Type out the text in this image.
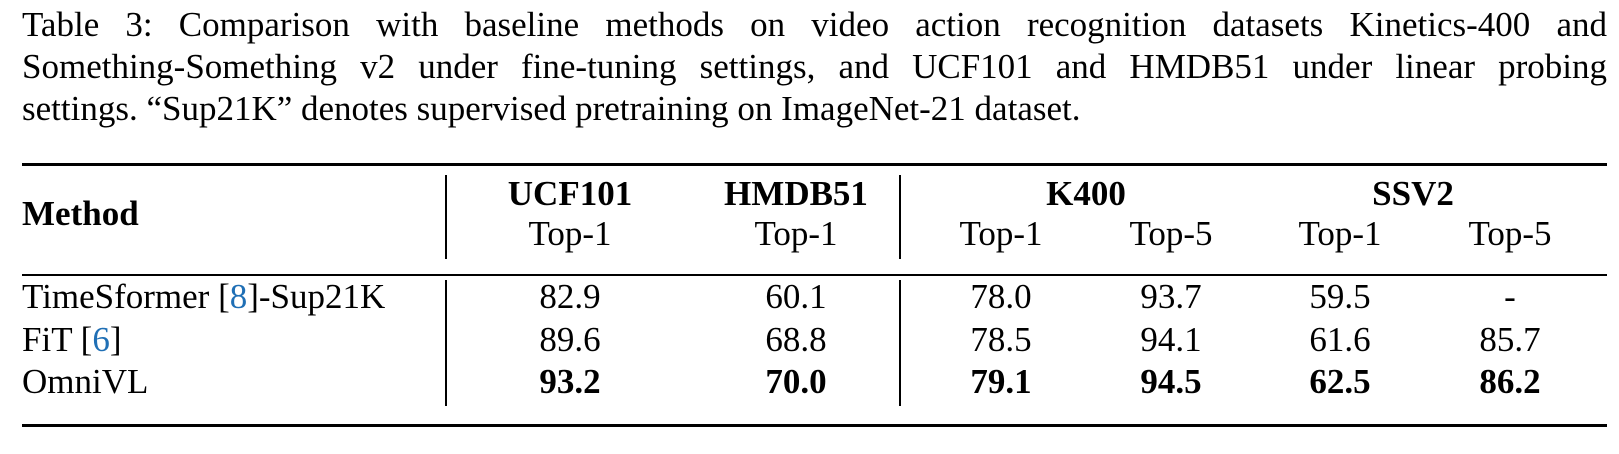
Table 3: Comparison with baseline methods on video action recognition datasets Kinetics-400 and
Something-Something v2 under fine-tuning settings, and UCF101 and HMDB51 under linear probing
settings. “Sup21K” denotes supervised pretraining on ImageNet-21 dataset.

Method
UCF101	HMDB51	K400	SSV2
Top-1	Top-1	Top-1 Top-5 Top-1 Top-5
TimeSformer [8]-Sup21K	82.9	60.1	78.0	93.7	59.5	-
FiT [6]	89.6	68.8	78.5	94.1	61.6	85.7
OmniVL	93.2	70.0	79.1	94.5	62.5	86.2
